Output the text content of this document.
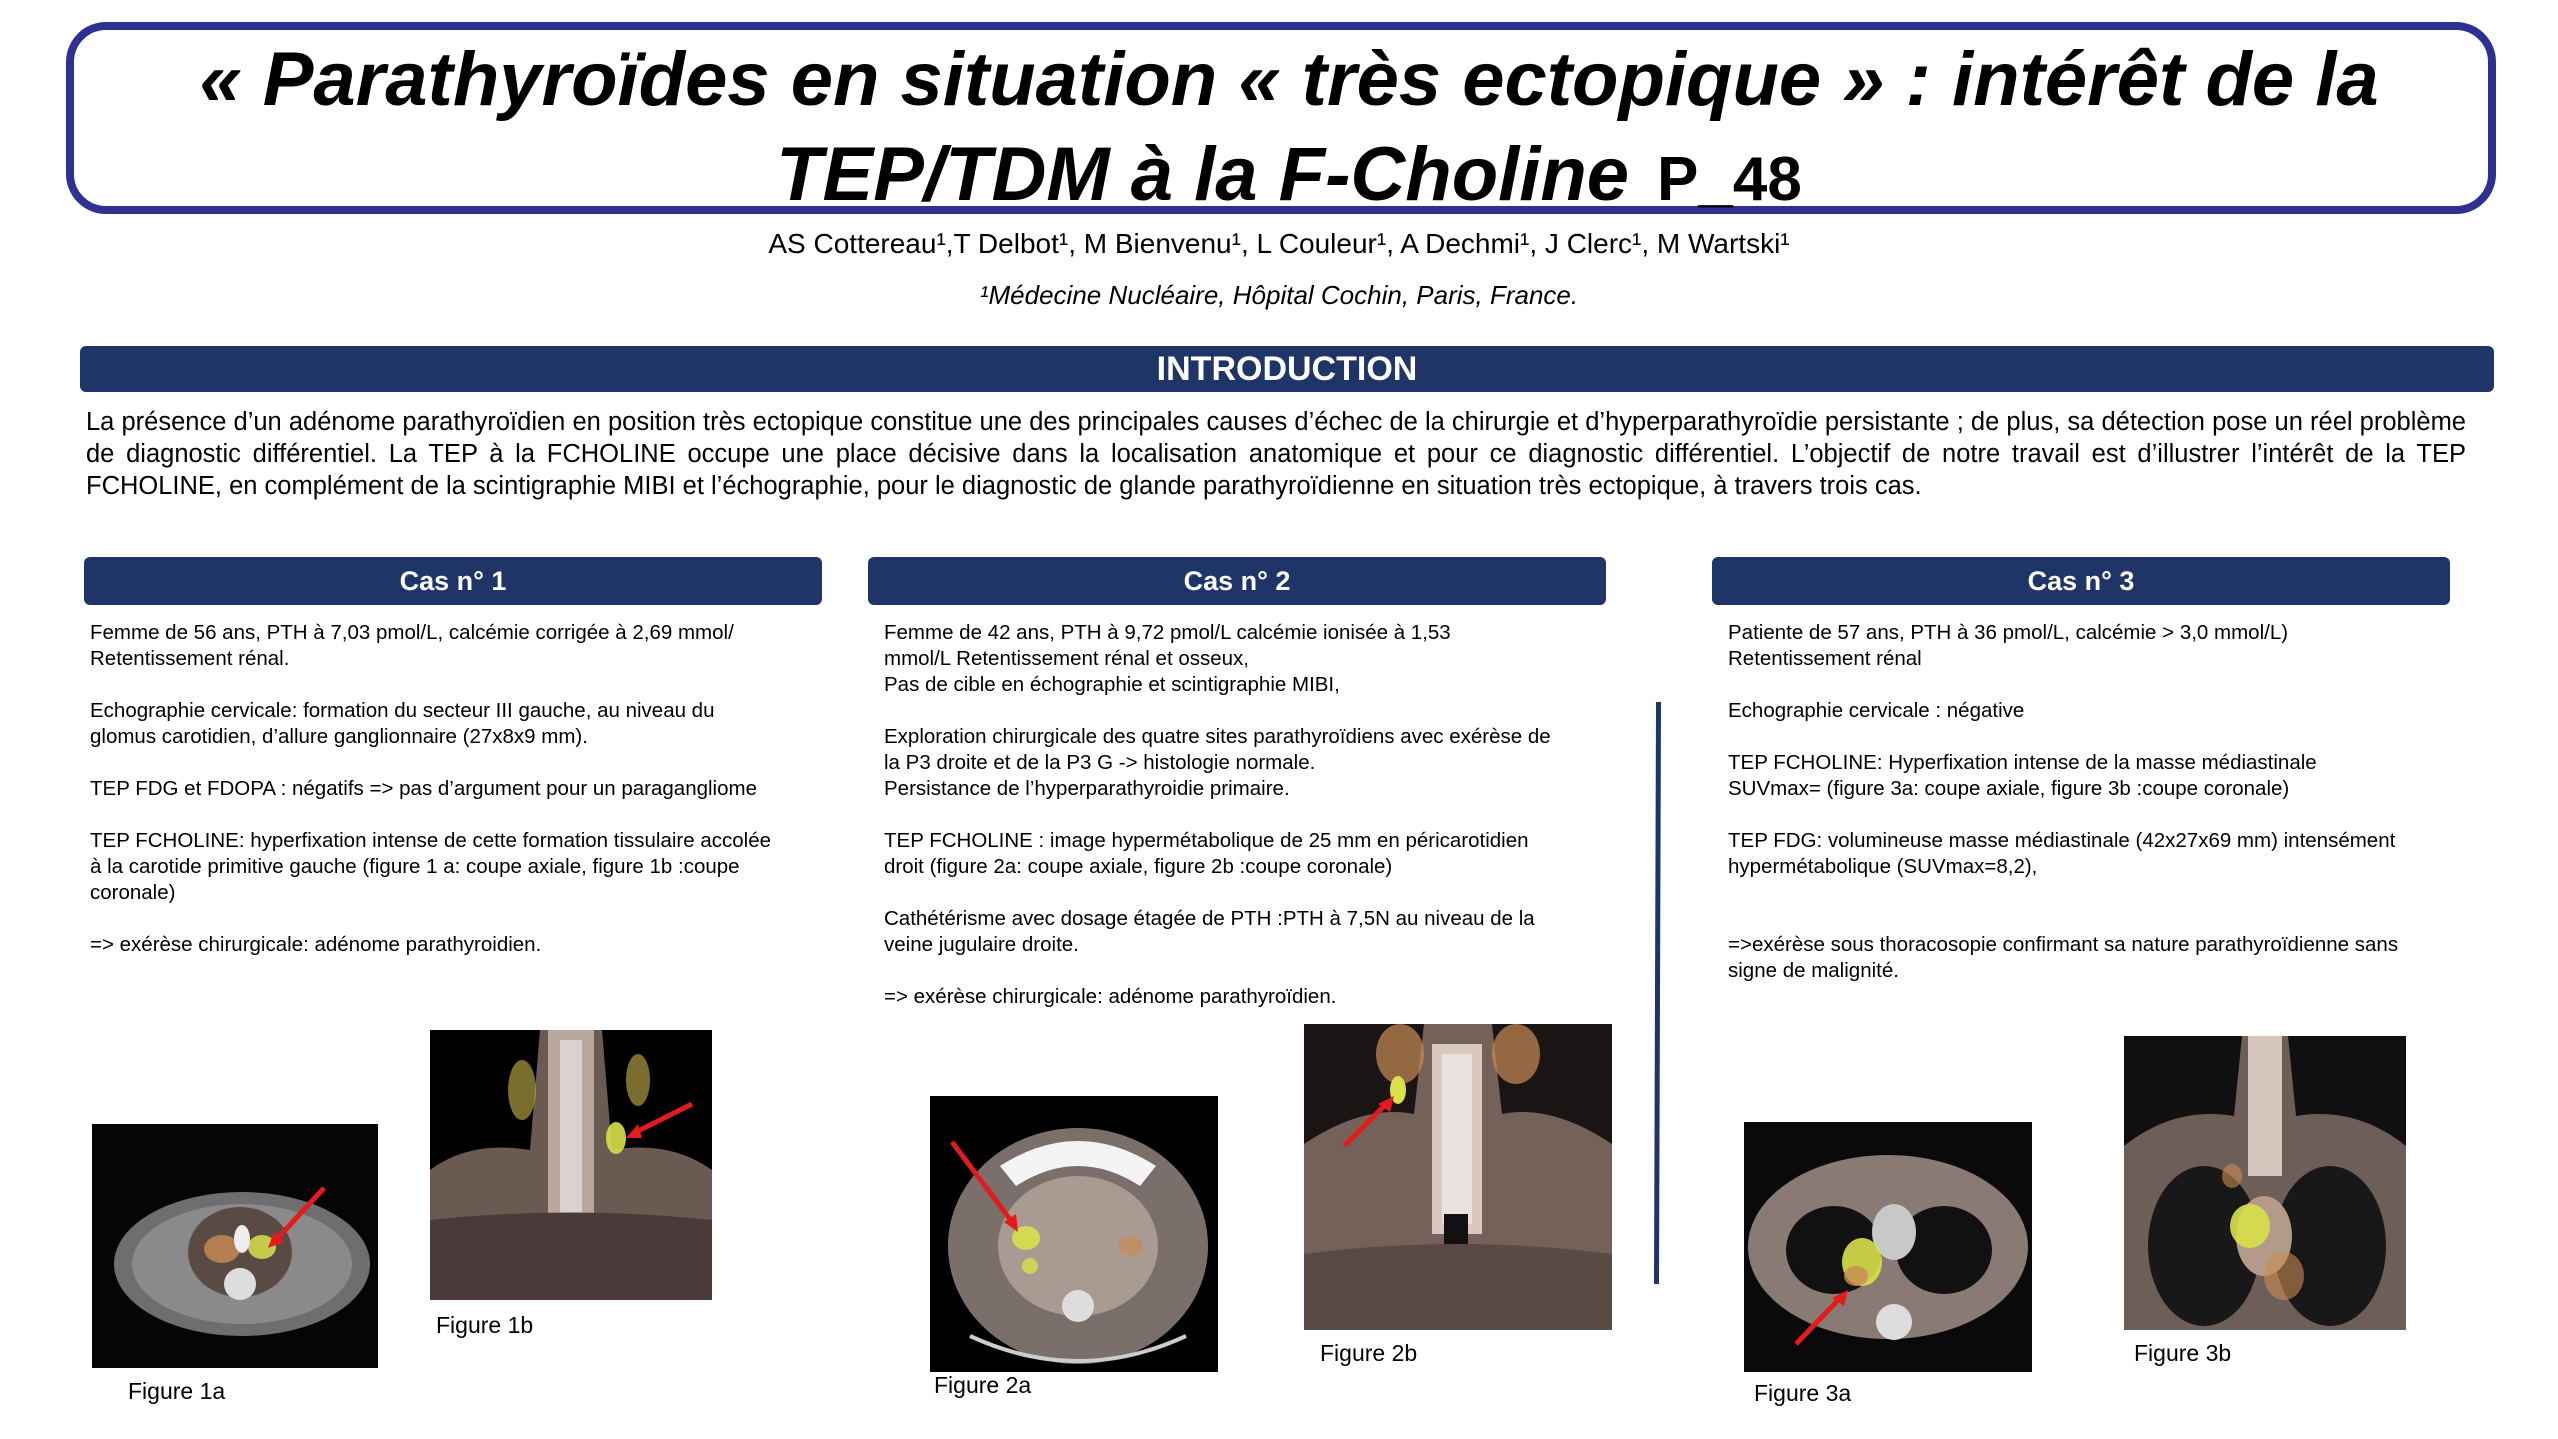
« Parathyroïdes en situation « très ectopique » : intérêt de la
TEP/TDM à la F-Choline P_48
AS Cottereau¹,T Delbot¹, M Bienvenu¹, L Couleur¹, A Dechmi¹, J Clerc¹, M Wartski¹
¹Médecine Nucléaire, Hôpital Cochin, Paris, France.
INTRODUCTION
La présence d’un adénome parathyroïdien en position très ectopique constitue une des principales causes d’échec de la chirurgie et d’hyperparathyroïdie persistante ; de plus, sa détection pose un réel problème de diagnostic différentiel. La TEP à la FCHOLINE occupe une place décisive dans la localisation anatomique et pour ce diagnostic différentiel. L’objectif de notre travail est d’illustrer l’intérêt de la TEP FCHOLINE, en complément de la scintigraphie MIBI et l’échographie, pour le diagnostic de glande parathyroïdienne en situation très ectopique, à travers trois cas.
Cas n° 1	Cas n° 2	Cas n° 3
Femme de 56 ans, PTH à 7,03 pmol/L, calcémie corrigée à 2,69 mmol/
Retentissement rénal.

Echographie cervicale: formation du secteur III gauche, au niveau du
glomus carotidien, d’allure ganglionnaire (27x8x9 mm).

TEP FDG et FDOPA : négatifs => pas d’argument pour un paragangliome

TEP FCHOLINE: hyperfixation intense de cette formation tissulaire accolée
à la carotide primitive gauche (figure 1 a: coupe axiale, figure 1b :coupe
coronale)

=> exérèse chirurgicale: adénome parathyroidien.
Femme de 42 ans, PTH à 9,72 pmol/L calcémie ionisée à 1,53
mmol/L Retentissement rénal et osseux,
Pas de cible en échographie et scintigraphie MIBI,

Exploration chirurgicale des quatre sites parathyroïdiens avec exérèse de
la P3 droite et de la P3 G -> histologie normale.
Persistance de l’hyperparathyroidie primaire.

TEP FCHOLINE : image hypermétabolique de 25 mm en péricarotidien
droit (figure 2a: coupe axiale, figure 2b :coupe coronale)

Cathétérisme avec dosage étagée de PTH :PTH à 7,5N au niveau de la
veine jugulaire droite.

=> exérèse chirurgicale: adénome parathyroïdien.
Patiente de 57 ans, PTH à 36 pmol/L, calcémie > 3,0 mmol/L)
Retentissement rénal

Echographie cervicale : négative

TEP FCHOLINE: Hyperfixation intense de la masse médiastinale
SUVmax= (figure 3a: coupe axiale, figure 3b :coupe coronale)

TEP FDG: volumineuse masse médiastinale (42x27x69 mm) intensément
hypermétabolique (SUVmax=8,2),

=>exérèse sous thoracosopie confirmant sa nature parathyroïdienne sans
signe de malignité.
Figure 1a
Figure 1b
Figure 2a
Figure 2b
Figure 3a
Figure 3b
